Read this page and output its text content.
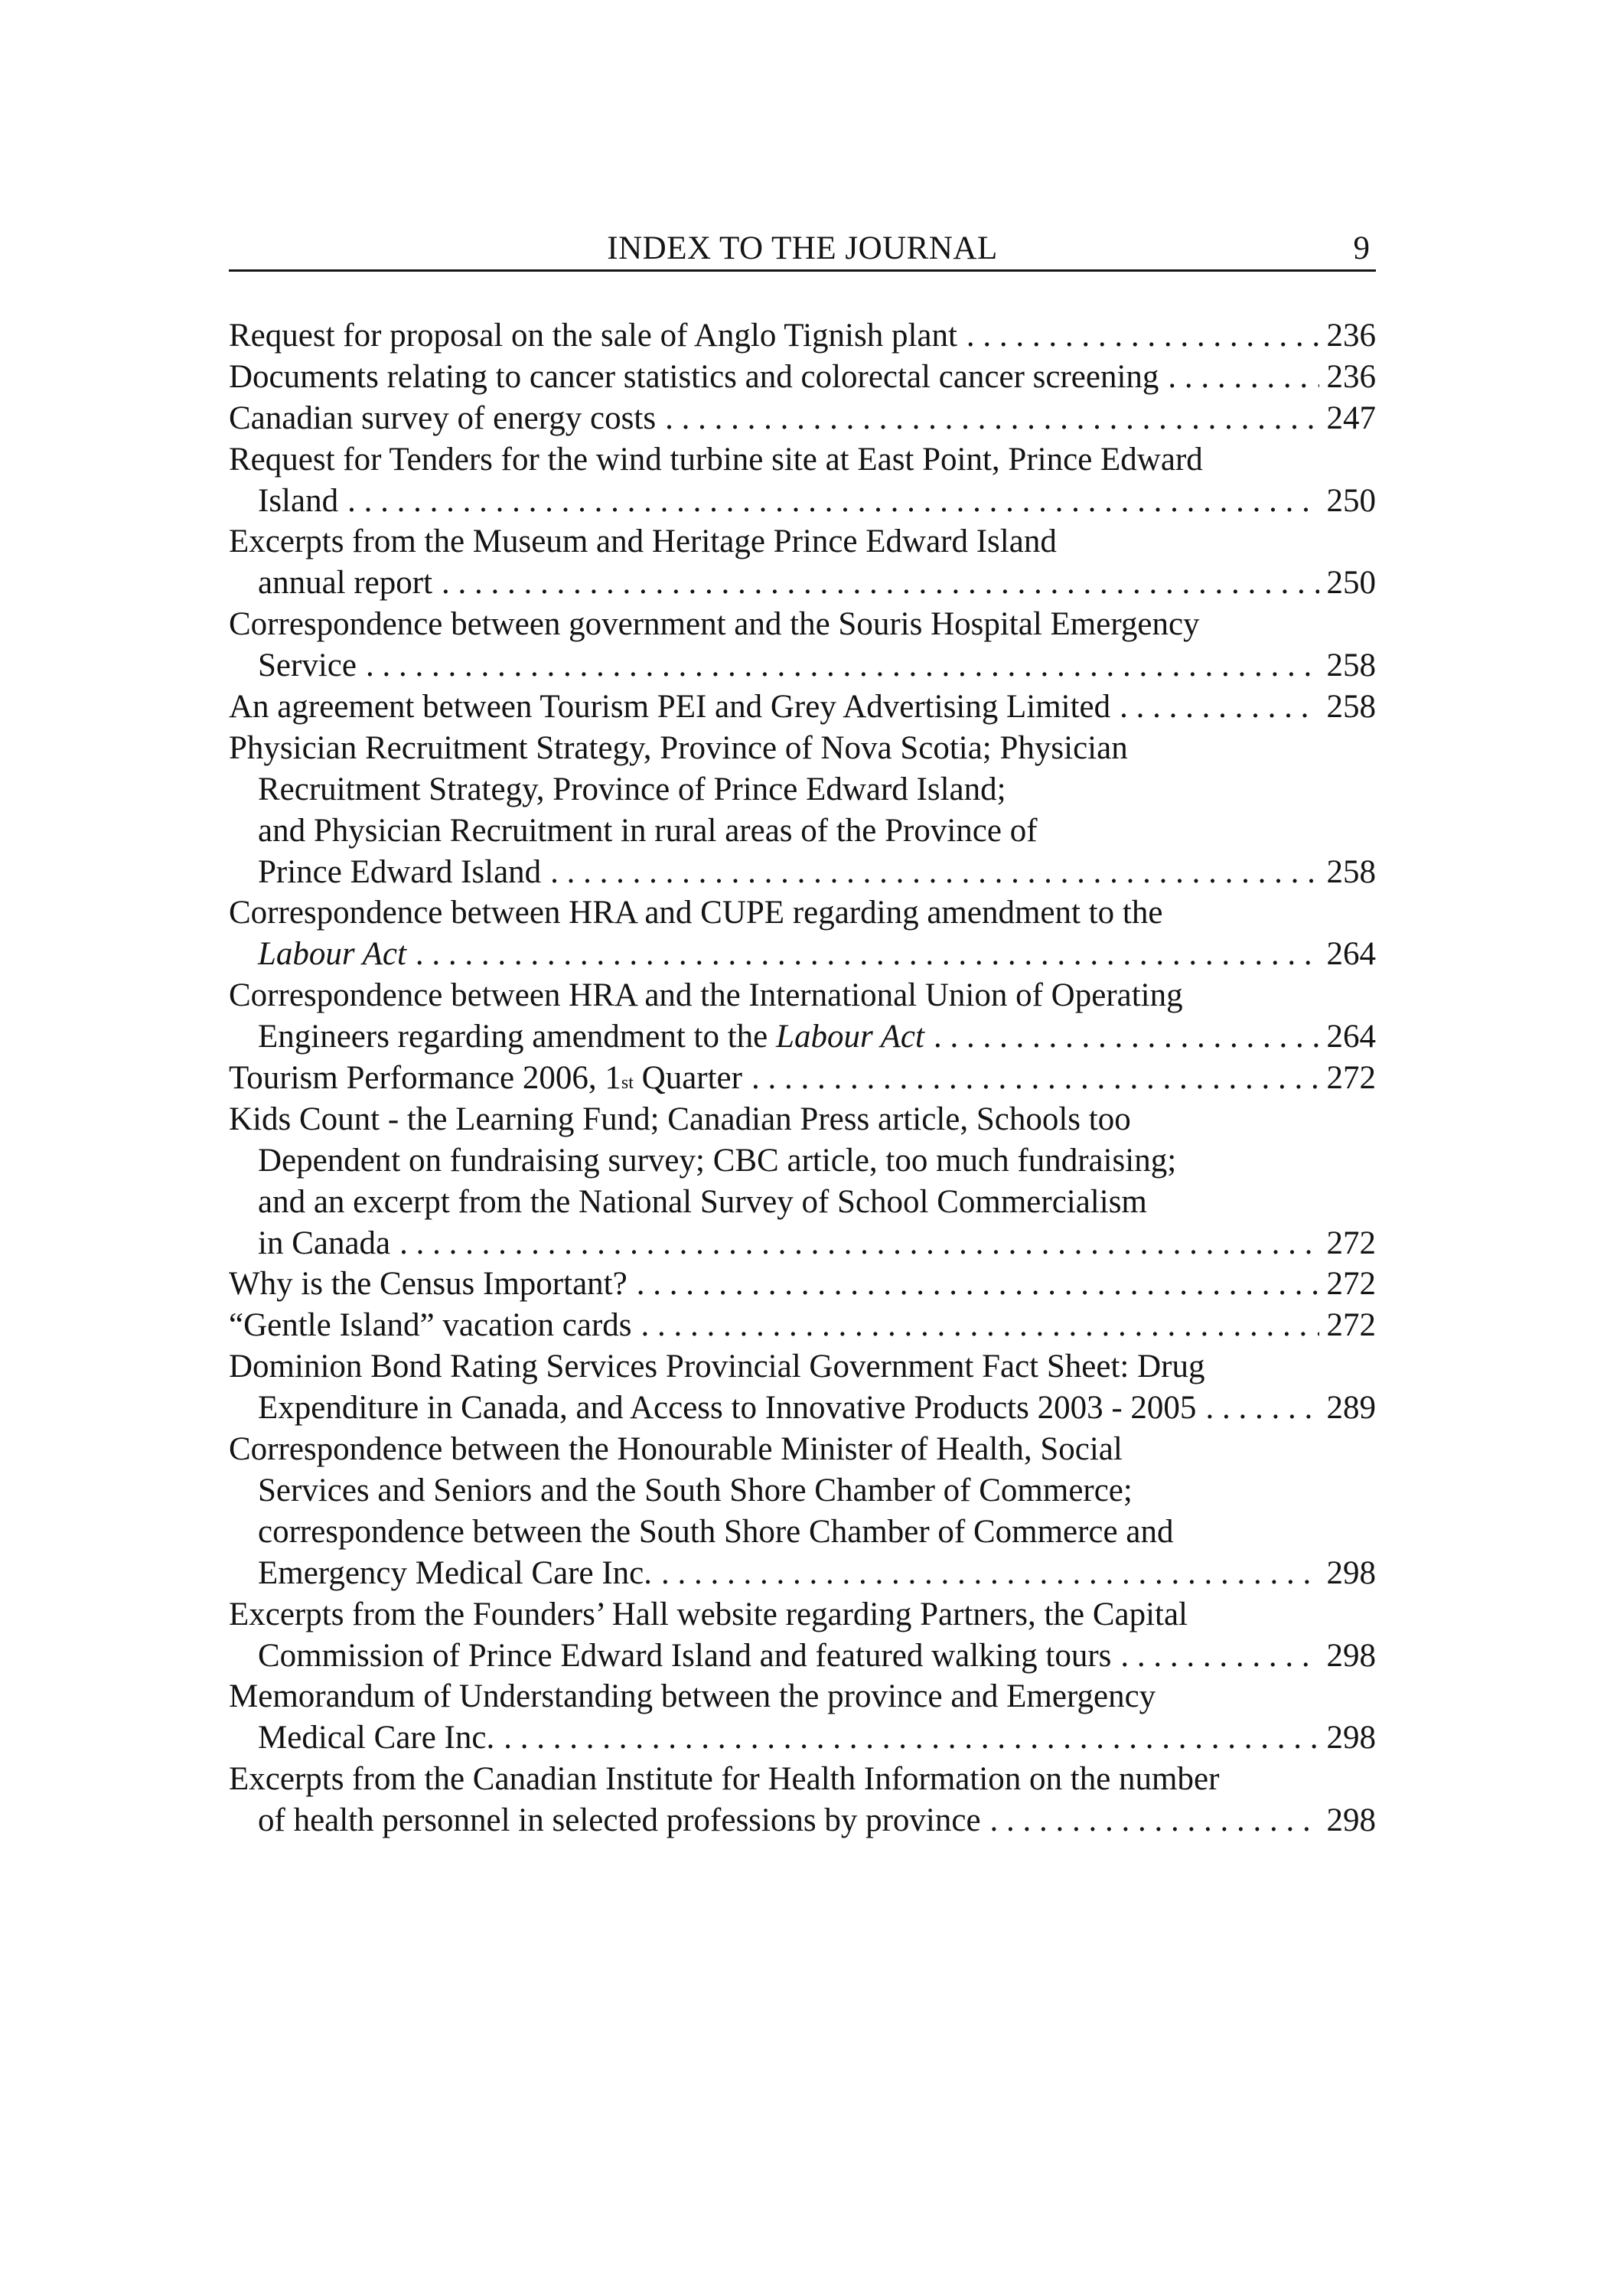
INDEX TO THE JOURNAL	9
Request for proposal on the sale of Anglo Tignish plant . . .	236
Documents relating to cancer statistics and colorectal cancer screening . . .	236
Canadian survey of energy costs . . .	247
Request for Tenders for the wind turbine site at East Point, Prince Edward
Island . . .	250
Excerpts from the Museum and Heritage Prince Edward Island
annual report . . .	250
Correspondence between government and the Souris Hospital Emergency
Service . . .	258
An agreement between Tourism PEI and Grey Advertising Limited . . .	258
Physician Recruitment Strategy, Province of Nova Scotia; Physician
Recruitment Strategy, Province of Prince Edward Island;
and Physician Recruitment in rural areas of the Province of
Prince Edward Island . . .	258
Correspondence between HRA and CUPE regarding amendment to the
Labour Act . . .	264
Correspondence between HRA and the International Union of Operating
Engineers regarding amendment to the
Labour Act . . .	264
Tourism Performance 2006, 1 st
Quarter . . .	272
Kids Count - the Learning Fund; Canadian Press article, Schools too
Dependent on fundraising survey; CBC article, too much fundraising;
and an excerpt from the National Survey of School Commercialism
in Canada . . .	272
Why is the Census Important? . . .	272
“Gentle Island” vacation cards . . .	272
Dominion Bond Rating Services Provincial Government Fact Sheet: Drug
Expenditure in Canada, and Access to Innovative Products 2003 - 2005 . . .	289
Correspondence between the Honourable Minister of Health, Social
Services and Seniors and the South Shore Chamber of Commerce;
correspondence between the South Shore Chamber of Commerce and
Emergency Medical Care Inc. . . .	298
Excerpts from the Founders’ Hall website regarding Partners, the Capital
Commission of Prince Edward Island and featured walking tours . . .	298
Memorandum of Understanding between the province and Emergency
Medical Care Inc. . . .	298
Excerpts from the Canadian Institute for Health Information on the number
of health personnel in selected professions by province . . .	298
